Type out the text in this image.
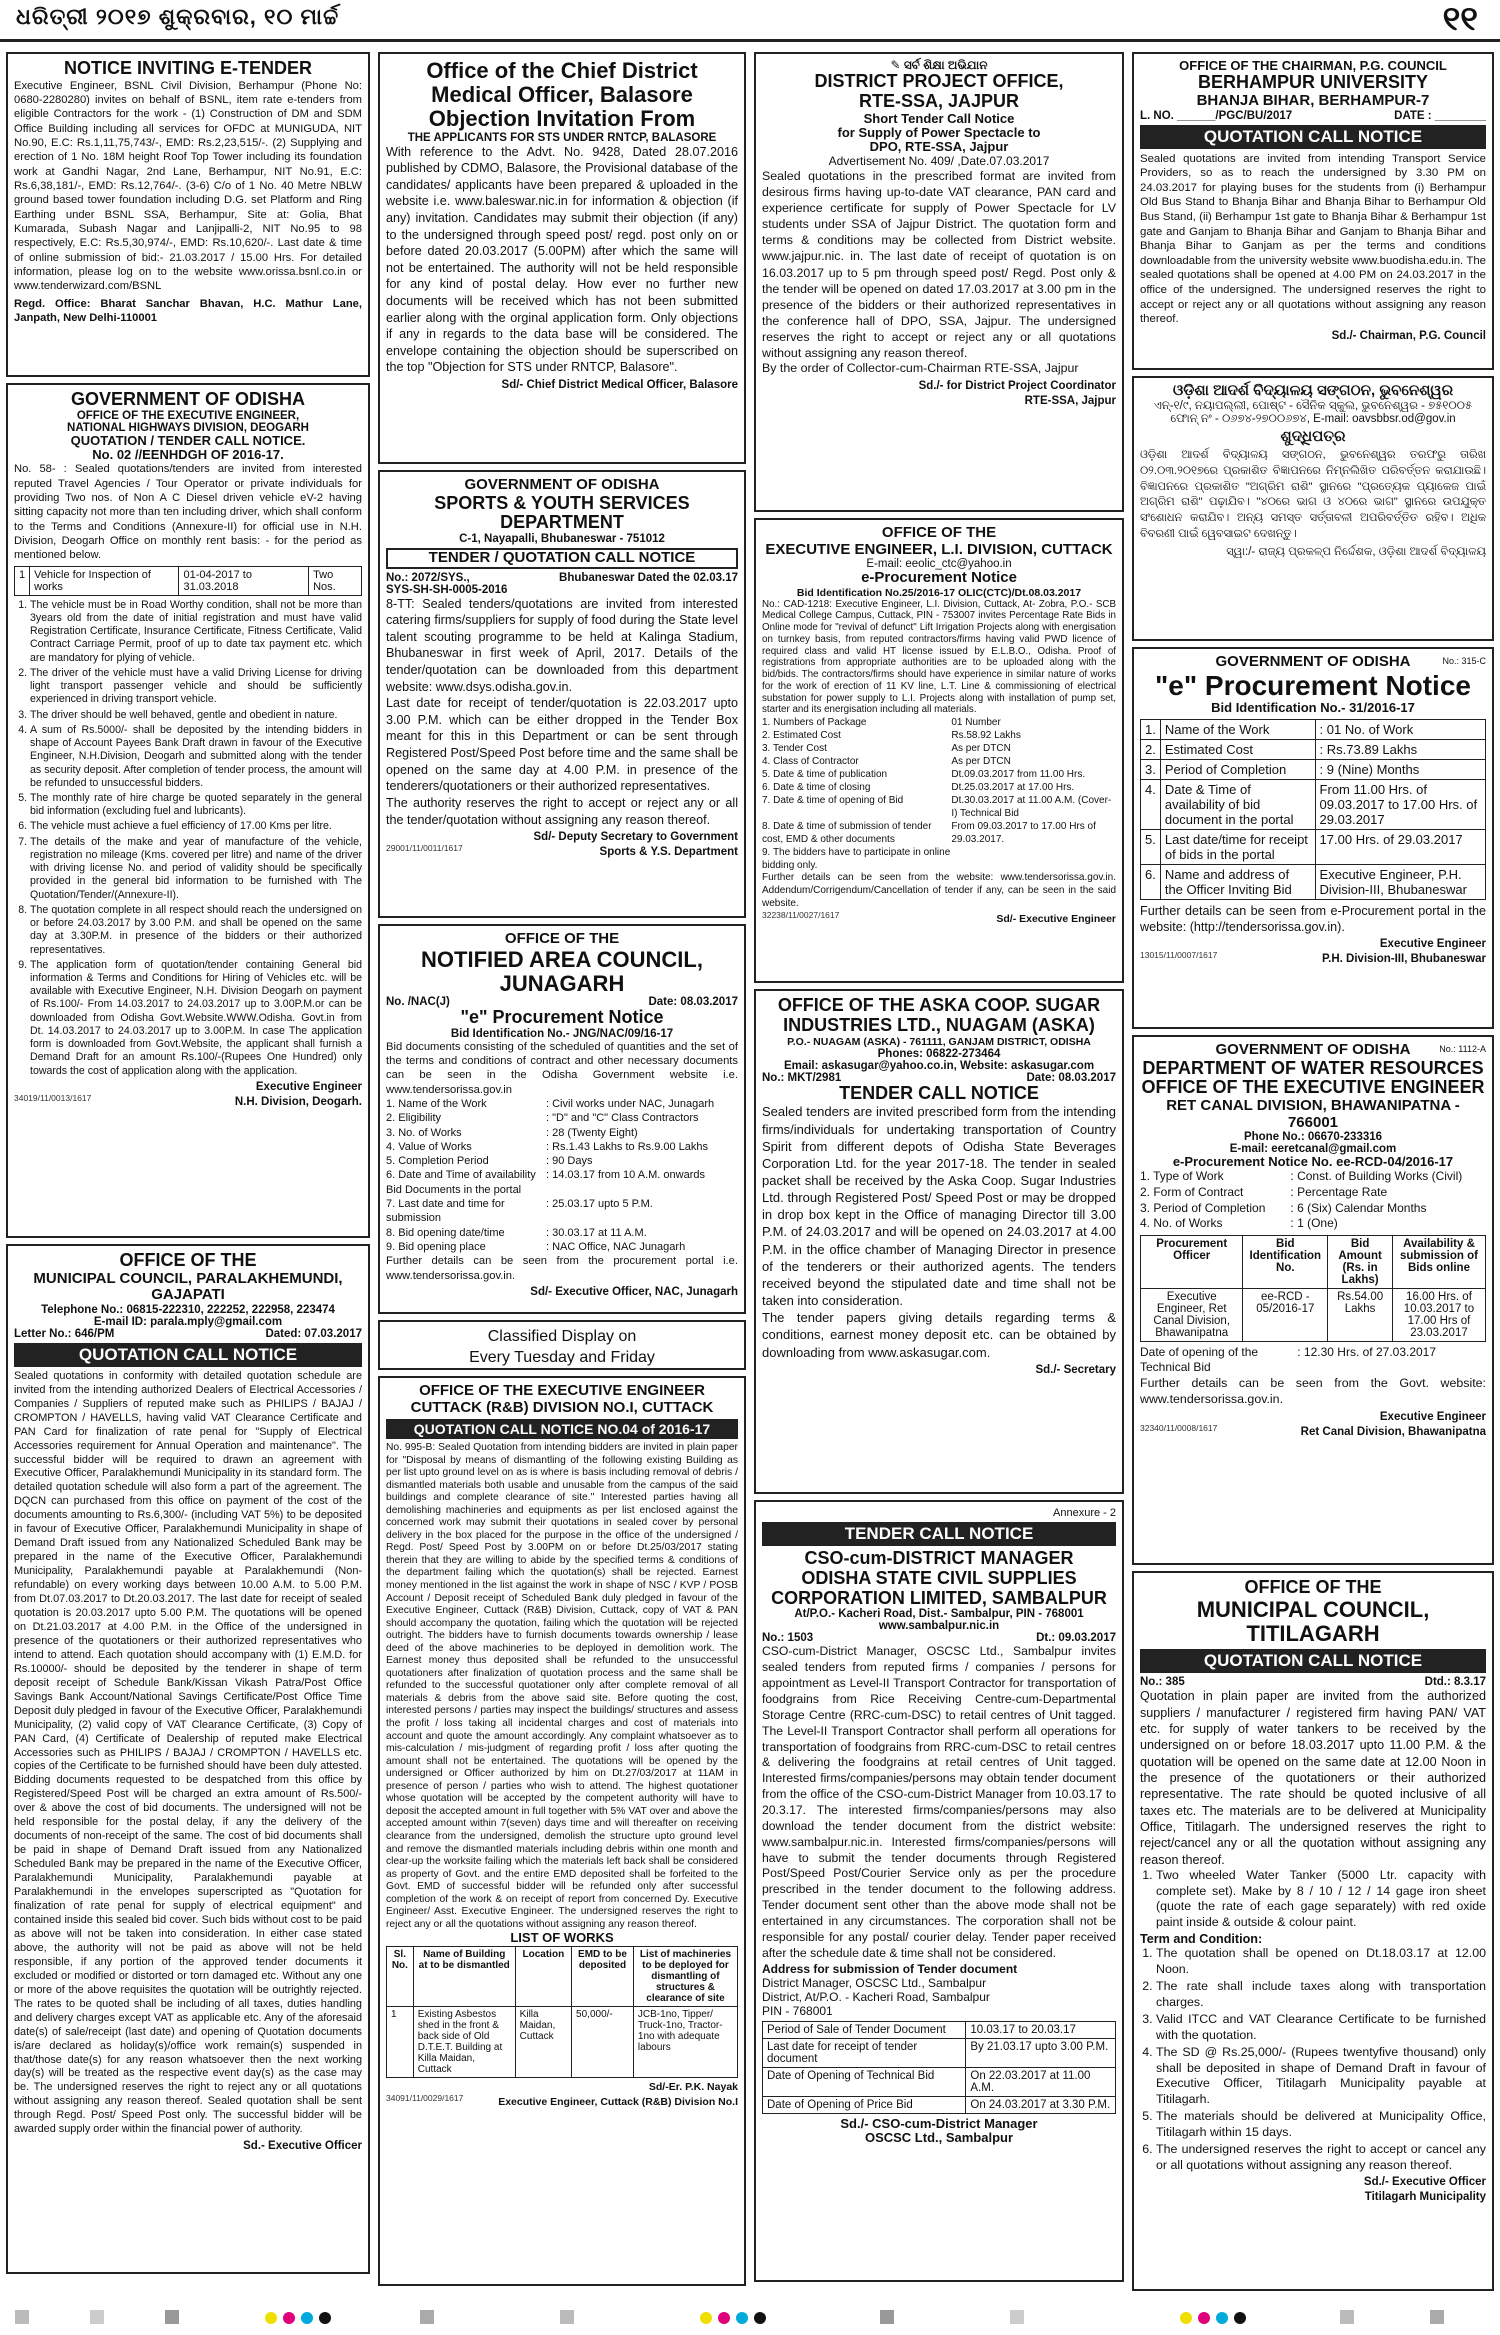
ଧରିତ୍ରୀ ୨୦୧୭ ଶୁକ୍ରବାର, ୧୦ ମାର୍ଚ୍ଚ	୧୧
NOTICE INVITING E-TENDER

Executive Engineer, BSNL Civil Division, Berhampur (Phone No: 0680-2280280) invites on behalf of BSNL, item rate e-tenders from eligible Contractors for the work - (1) Construction of DM and SDM Office Building including all services for OFDC at MUNIGUDA, NIT No.90, E.C: Rs.1,11,75,743/-, EMD: Rs.2,23,515/-. (2) Supplying and erection of 1 No. 18M height Roof Top Tower including its foundation work at Gandhi Nagar, 2nd Lane, Berhampur, NIT No.91, E.C: Rs.6,38,181/-, EMD: Rs.12,764/-. (3-6) C/o of 1 No. 40 Metre NBLW ground based tower foundation including D.G. set Platform and Ring Earthing under BSNL SSA, Berhampur, Site at: Golia, Bhat Kumarada, Subash Nagar and Lanjipalli-2, NIT No.95 to 98 respectively, E.C: Rs.5,30,974/-, EMD: Rs.10,620/-. Last date & time of online submission of bid:- 21.03.2017 / 15.00 Hrs. For detailed information, please log on to the website www.orissa.bsnl.co.in or www.tenderwizard.com/BSNL

Regd. Office: Bharat Sanchar Bhavan, H.C. Mathur Lane, Janpath, New Delhi-110001

GOVERNMENT OF ODISHA
OFFICE OF THE EXECUTIVE ENGINEER,
NATIONAL HIGHWAYS DIVISION, DEOGARH
QUOTATION / TENDER CALL NOTICE.
No. 02 //EENHDGH OF 2016-17.

No. 58- : Sealed quotations/tenders are invited from interested reputed Travel Agencies / Tour Operator or private individuals for providing Two nos. of Non A C Diesel driven vehicle eV-2 having sitting capacity not more than ten including driver, which shall conform to the Terms and Conditions (Annexure-II) for official use in N.H. Division, Deogarh Office on monthly rent basis: - for the period as mentioned below.

1	Vehicle for Inspection of works	01-04-2017 to 31.03.2018	Two Nos.
1. The vehicle must be in Road Worthy condition, shall not be more than 3years old from the date of initial registration and must have valid Registration Certificate, Insurance Certificate, Fitness Certificate, Valid Contract Carriage Permit, proof of up to date tax payment etc. which are mandatory for plying of vehicle.
2. The driver of the vehicle must have a valid Driving License for driving light transport passenger vehicle and should be sufficiently experienced in driving transport vehicle.
3. The driver should be well behaved, gentle and obedient in nature.
4. A sum of Rs.5000/- shall be deposited by the intending bidders in shape of Account Payees Bank Draft drawn in favour of the Executive Engineer, N.H.Division, Deogarh and submitted along with the tender as security deposit. After completion of tender process, the amount will be refunded to unsuccessful bidders.
5. The monthly rate of hire charge be quoted separately in the general bid information (excluding fuel and lubricants).
6. The vehicle must achieve a fuel efficiency of 17.00 Kms per litre.
7. The details of the make and year of manufacture of the vehicle, registration no mileage (Kms. covered per litre) and name of the driver with driving license No. and period of validity should be specifically provided in the general bid information to be furnished with The Quotation/Tender/(Annexure-II).
8. The quotation complete in all respect should reach the undersigned on or before 24.03.2017 by 3.00 P.M. and shall be opened on the same day at 3.30P.M. in presence of the bidders or their authorized representatives.
9. The application form of quotation/tender containing General bid information & Terms and Conditions for Hiring of Vehicles etc. will be available with Executive Engineer, N.H. Division Deogarh on payment of Rs.100/- From 14.03.2017 to 24.03.2017 up to 3.00P.M.or can be downloaded from Odisha Govt.Website.WWW.Odisha. Govt.in from Dt. 14.03.2017 to 24.03.2017 up to 3.00P.M. In case The application form is downloaded from Govt.Website, the applicant shall furnish a Demand Draft for an amount Rs.100/-(Rupees One Hundred) only towards the cost of application along with the application.
Executive Engineer
34019/11/0013/1617	N.H. Division, Deogarh.
OFFICE OF THE
MUNICIPAL COUNCIL, PARALAKHEMUNDI, GAJAPATI
Telephone No.: 06815-222310, 222252, 222958, 223474
E-mail ID: parala.mply@gmail.com
Letter No.: 646/PM	Dated: 07.03.2017
QUOTATION CALL NOTICE

Sealed quotations in conformity with detailed quotation schedule are invited from the intending authorized Dealers of Electrical Accessories / Companies / Suppliers of reputed make such as PHILIPS / BAJAJ / CROMPTON / HAVELLS, having valid VAT Clearance Certificate and PAN Card for finalization of rate penal for "Supply of Electrical Accessories requirement for Annual Operation and maintenance". The successful bidder will be required to drawn an agreement with Executive Officer, Paralakhemundi Municipality in its standard form. The detailed quotation schedule will also form a part of the agreement. The DQCN can purchased from this office on payment of the cost of the documents amounting to Rs.6,300/- (including VAT 5%) to be deposited in favour of Executive Officer, Paralakhemundi Municipality in shape of Demand Draft issued from any Nationalized Scheduled Bank may be prepared in the name of the Executive Officer, Paralakhemundi Municipality, Paralakhemundi payable at Paralakhemundi (Non-refundable) on every working days between 10.00 A.M. to 5.00 P.M. from Dt.07.03.2017 to Dt.20.03.2017. The last date for receipt of sealed quotation is 20.03.2017 upto 5.00 P.M. The quotations will be opened on Dt.21.03.2017 at 4.00 P.M. in the Office of the undersigned in presence of the quotationers or their authorized representatives who intend to attend. Each quotation should accompany with (1) E.M.D. for Rs.10000/- should be deposited by the tenderer in shape of term deposit receipt of Schedule Bank/Kissan Vikash Patra/Post Office Savings Bank Account/National Savings Certificate/Post Office Time Deposit duly pledged in favour of the Executive Officer, Paralakhemundi Municipality, (2) valid copy of VAT Clearance Certificate, (3) Copy of PAN Card, (4) Certificate of Dealership of reputed make Electrical Accessories such as PHILIPS / BAJAJ / CROMPTON / HAVELLS etc. copies of the Certificate to be furnished should have been duly attested. Bidding documents requested to be despatched from this office by Registered/Speed Post will be charged an extra amount of Rs.500/- over & above the cost of bid documents. The undersigned will not be held responsible for the postal delay, if any the delivery of the documents of non-receipt of the same. The cost of bid documents shall be paid in shape of Demand Draft issued from any Nationalized Scheduled Bank may be prepared in the name of the Executive Officer, Paralakhemundi Municipality, Paralakhemundi payable at Paralakhemundi in the envelopes superscripted as "Quotation for finalization of rate penal for supply of electrical equipment" and contained inside this sealed bid cover. Such bids without cost to be paid as above will not be taken into consideration. In either case stated above, the authority will not be paid as above will not be held responsible, if any portion of the approved tender documents it excluded or modified or distorted or torn damaged etc. Without any one or more of the above requisites the quotation will be outrightly rejected. The rates to be quoted shall be including of all taxes, duties handling and delivery charges except VAT as applicable etc. Any of the aforesaid date(s) of sale/receipt (last date) and opening of Quotation documents is/are declared as holiday(s)/office work remain(s) suspended in that/those date(s) for any reason whatsoever then the next working day(s) will be treated as the respective event day(s) as the case may be. The undersigned reserves the right to reject any or all quotations without assigning any reason thereof. Sealed quotation shall be sent through Regd. Post/ Speed Post only. The successful bidder will be awarded supply order within the financial power of authority.

Sd.- Executive Officer
Office of the Chief District
Medical Officer, Balasore
Objection Invitation From
THE APPLICANTS FOR STS UNDER RNTCP, BALASORE

With reference to the Advt. No. 9428, Dated 28.07.2016 published by CDMO, Balasore, the Provisional database of the candidates/ applicants have been prepared & uploaded in the website i.e. www.baleswar.nic.in for information & objection (if any) invitation. Candidates may submit their objection (if any) to the undersigned through speed post/ regd. post only on or before dated 20.03.2017 (5.00PM) after which the same will not be entertained. The authority will not be held responsible for any kind of postal delay. How ever no further new documents will be received which has not been submitted earlier along with the orginal application form. Only objections if any in regards to the data base will be considered. The envelope containing the objection should be superscribed on the top "Objection for STS under RNTCP, Balasore".

Sd/- Chief District Medical Officer, Balasore
GOVERNMENT OF ODISHA
SPORTS & YOUTH SERVICES DEPARTMENT
C-1, Nayapalli, Bhubaneswar - 751012
TENDER / QUOTATION CALL NOTICE
No.: 2072/SYS.,	Bhubaneswar Dated the 02.03.17
SYS-SH-SH-0005-2016

8-TT: Sealed tenders/quotations are invited from interested catering firms/suppliers for supply of food during the State level talent scouting programme to be held at Kalinga Stadium, Bhubaneswar in first week of April, 2017. Details of the tender/quotation can be downloaded from this department website: www.dsys.odisha.gov.in.

Last date for receipt of tender/quotation is 22.03.2017 upto 3.00 P.M. which can be either dropped in the Tender Box meant for this in this Department or can be sent through Registered Post/Speed Post before time and the same shall be opened on the same day at 4.00 P.M. in presence of the tenderers/quotationers or their authorized representatives.

The authority reserves the right to accept or reject any or all the tender/quotation without assigning any reason thereof.

Sd/- Deputy Secretary to Government
29001/11/0011/1617	Sports & Y.S. Department
OFFICE OF THE
NOTIFIED AREA COUNCIL, JUNAGARH
No. /NAC(J)	Date: 08.03.2017
"e" Procurement Notice
Bid Identification No.- JNG/NAC/09/16-17

Bid documents consisting of the scheduled of quantities and the set of the terms and conditions of contract and other necessary documents can be seen in the Odisha Government website i.e. www.tendersorissa.gov.in

1. Name of the Work	: Civil works under NAC, Junagarh
2. Eligibility	: "D" and "C" Class Contractors
3. No. of Works	: 28 (Twenty Eight)
4. Value of Works	: Rs.1.43 Lakhs to Rs.9.00 Lakhs
5. Completion Period	: 90 Days
6. Date and Time of availability Bid Documents in the portal
: 14.03.17 from 10 A.M. onwards
7. Last date and time for submission
: 25.03.17 upto 5 P.M.
8. Bid opening date/time	: 30.03.17 at 11 A.M.
9. Bid opening place	: NAC Office, NAC Junagarh

Further details can be seen from the procurement portal i.e. www.tendersorissa.gov.in.

Sd/- Executive Officer, NAC, Junagarh
Classified Display on
Every Tuesday and Friday
OFFICE OF THE EXECUTIVE ENGINEER
CUTTACK (R&B) DIVISION NO.I, CUTTACK
QUOTATION CALL NOTICE NO.04 of 2016-17

No. 995-B: Sealed Quotation from intending bidders are invited in plain paper for "Disposal by means of dismantling of the following existing Building as per list upto ground level on as is where is basis including removal of debris / dismantled materials both usable and unusable from the campus of the said buildings and complete clearance of site." Interested parties having all demolishing machineries and equipments as per list enclosed against the concerned work may submit their quotations in sealed cover by personal delivery in the box placed for the purpose in the office of the undersigned / Regd. Post/ Speed Post by 3.00PM on or before Dt.25/03/2017 stating therein that they are willing to abide by the specified terms & conditions of the department failing which the quotation(s) shall be rejected. Earnest money mentioned in the list against the work in shape of NSC / KVP / POSB Account / Deposit receipt of Scheduled Bank duly pledged in favour of the Executive Engineer, Cuttack (R&B) Division, Cuttack, copy of VAT & PAN should accompany the quotation, failing which the quotation will be rejected outright. The bidders have to furnish documents towards ownership / lease deed of the above machineries to be deployed in demolition work. The Earnest money thus deposited shall be refunded to the unsuccessful quotationers after finalization of quotation process and the same shall be refunded to the successful quotationer only after complete removal of all materials & debris from the above said site. Before quoting the cost, interested persons / parties may inspect the buildings/ structures and assess the profit / loss taking all incidental charges and cost of materials into account and quote the amount accordingly. Any complaint whatsoever as to mis-calculation / mis-judgment of regarding profit / loss after quoting the amount shall not be entertained. The quotations will be opened by the undersigned or Officer authorized by him on Dt.27/03/2017 at 11AM in presence of person / parties who wish to attend. The highest quotationer whose quotation will be accepted by the competent authority will have to deposit the accepted amount in full together with 5% VAT over and above the accepted amount within 7(seven) days time and will thereafter on receiving clearance from the undersigned, demolish the structure upto ground level and remove the dismantled materials including debris within one month and clear-up the worksite failing which the materials left back shall be considered as property of Govt. and the entire EMD deposited shall be forfeited to the Govt. EMD of successful bidder will be refunded only after successful completion of the work & on receipt of report from concerned Dy. Executive Engineer/ Asst. Executive Engineer. The undersigned reserves the right to reject any or all the quotations without assigning any reason thereof.

LIST OF WORKS
Sl. No.	Name of Building at to be dismantled	Location	EMD to be deposited	List of machineries to be deployed for dismantling of structures & clearance of site
1	Existing Asbestos shed in the front & back side of Old D.T.E.T. Building at Killa Maidan, Cuttack	Killa Maidan, Cuttack	50,000/-	JCB-1no, Tipper/ Truck-1no, Tractor-1no with adequate labours
Sd/-Er. P.K. Nayak
34091/11/0029/1617	Executive Engineer, Cuttack (R&B) Division No.I
✎ ସର୍ବ ଶିକ୍ଷା ଅଭିଯାନ
DISTRICT PROJECT OFFICE,
RTE-SSA, JAJPUR
Short Tender Call Notice
for Supply of Power Spectacle to
DPO, RTE-SSA, Jajpur
Advertisement No. 409/ ,Date.07.03.2017

Sealed quotations in the prescribed format are invited from desirous firms having up-to-date VAT clearance, PAN card and experience certificate for supply of Power Spectacle for LV students under SSA of Jajpur District. The quotation form and terms & conditions may be collected from District website. www.jajpur.nic. in. The last date of receipt of quotation is on 16.03.2017 up to 5 pm through speed post/ Regd. Post only & the tender will be opened on dated 17.03.2017 at 3.00 pm in the presence of the bidders or their authorized representatives in the conference hall of DPO, SSA, Jajpur. The undersigned reserves the right to accept or reject any or all quotations without assigning any reason thereof.

By the order of Collector-cum-Chairman RTE-SSA, Jajpur

Sd./- for District Project Coordinator
RTE-SSA, Jajpur
OFFICE OF THE
EXECUTIVE ENGINEER, L.I. DIVISION, CUTTACK
E-mail: eeolic_ctc@yahoo.in
e-Procurement Notice
Bid Identification No.25/2016-17 OLIC(CTC)/Dt.08.03.2017

No.: CAD-1218: Executive Engineer, L.I. Division, Cuttack, At- Zobra, P.O.- SCB Medical College Campus, Cuttack, PIN - 753007 invites Percentage Rate Bids in Online mode for "revival of defunct" Lift Irrigation Projects along with energisation on turnkey basis, from reputed contractors/firms having valid PWD licence of required class and valid HT license issued by E.L.B.O., Odisha. Proof of registrations from appropriate authorities are to be uploaded along with the bid/bids. The contractors/firms should have experience in similar nature of works for the work of erection of 11 KV line, L.T. Line & commissioning of electrical substation for power supply to L.I. Projects along with installation of pump set, starter and its energisation including all materials.

1. Numbers of Package	01 Number
2. Estimated Cost	Rs.58.92 Lakhs
3. Tender Cost	As per DTCN
4. Class of Contractor	As per DTCN
5. Date & time of publication	Dt.09.03.2017 from 11.00 Hrs.
6. Date & time of closing	Dt.25.03.2017 at 17.00 Hrs.
7. Date & time of opening of Bid	Dt.30.03.2017 at 11.00 A.M. (Cover-I) Technical Bid
8. Date & time of submission of tender cost, EMD & other documents
From 09.03.2017 to 17.00 Hrs of 29.03.2017.
9. The bidders have to participate in online bidding only.

Further details can be seen from the website: www.tendersorissa.gov.in. Addendum/Corrigendum/Cancellation of tender if any, can be seen in the said website.

32238/11/0027/1617	Sd/- Executive Engineer
OFFICE OF THE ASKA COOP. SUGAR
INDUSTRIES LTD., NUAGAM (ASKA)
P.O.- NUAGAM (ASKA) - 761111, GANJAM DISTRICT, ODISHA
Phones: 06822-273464
Email: askasugar@yahoo.co.in, Website: askasugar.com
No.: MKT/2981	Date: 08.03.2017
TENDER CALL NOTICE

Sealed tenders are invited prescribed form from the intending firms/individuals for undertaking transportation of Country Spirit from different depots of Odisha State Beverages Corporation Ltd. for the year 2017-18. The tender in sealed packet shall be received by the Aska Coop. Sugar Industries Ltd. through Registered Post/ Speed Post or may be dropped in drop box kept in the Office of managing Director till 3.00 P.M. of 24.03.2017 and will be opened on 24.03.2017 at 4.00 P.M. in the office chamber of Managing Director in presence of the tenderers or their authorized agents. The tenders received beyond the stipulated date and time shall not be taken into consideration.

The tender papers giving details regarding terms & conditions, earnest money deposit etc. can be obtained by downloading from www.askasugar.com.

Sd./- Secretary
Annexure - 2
TENDER CALL NOTICE
CSO-cum-DISTRICT MANAGER
ODISHA STATE CIVIL SUPPLIES
CORPORATION LIMITED, SAMBALPUR
At/P.O.- Kacheri Road, Dist.- Sambalpur, PIN - 768001
www.sambalpur.nic.in
No.: 1503	Dt.: 09.03.2017

CSO-cum-District Manager, OSCSC Ltd., Sambalpur invites sealed tenders from reputed firms / companies / persons for appointment as Level-II Transport Contractor for transportation of foodgrains from Rice Receiving Centre-cum-Departmental Storage Centre (RRC-cum-DSC) to retail centres of Unit tagged. The Level-II Transport Contractor shall perform all operations for transportation of foodgrains from RRC-cum-DSC to retail centres & delivering the foodgrains at retail centres of Unit tagged. Interested firms/companies/persons may obtain tender document from the office of the CSO-cum-District Manager from 10.03.17 to 20.3.17. The interested firms/companies/persons may also download the tender document from the district website: www.sambalpur.nic.in. Interested firms/companies/persons will have to submit the tender documents through Registered Post/Speed Post/Courier Service only as per the procedure prescribed in the tender document to the following address. Tender document sent other than the above mode shall not be entertained in any circumstances. The corporation shall not be responsible for any postal/ courier delay. Tender paper received after the schedule date & time shall not be considered.

Address for submission of Tender document
District Manager, OSCSC Ltd., Sambalpur
District, At/P.O. - Kacheri Road, Sambalpur
PIN - 768001
Period of Sale of Tender Document	10.03.17 to 20.03.17
Last date for receipt of tender document	By 21.03.17 upto 3.00 P.M.
Date of Opening of Technical Bid	On 22.03.2017 at 11.00 A.M.
Date of Opening of Price Bid	On 24.03.2017 at 3.30 P.M.
Sd./- CSO-cum-District Manager
OSCSC Ltd., Sambalpur
OFFICE OF THE CHAIRMAN, P.G. COUNCIL
BERHAMPUR UNIVERSITY
BHANJA BIHAR, BERHAMPUR-7
L. NO. ______/PGC/BU/2017	DATE : ________
QUOTATION CALL NOTICE

Sealed quotations are invited from intending Transport Service Providers, so as to reach the undersigned by 3.30 PM on 24.03.2017 for playing buses for the students from (i) Berhampur Old Bus Stand to Bhanja Bihar and Bhanja Bihar to Berhampur Old Bus Stand, (ii) Berhampur 1st gate to Bhanja Bihar & Berhampur 1st gate and Ganjam to Bhanja Bihar and Ganjam to Bhanja Bihar and Bhanja Bihar to Ganjam as per the terms and conditions downloadable from the university website www.buodisha.edu.in. The sealed quotations shall be opened at 4.00 PM on 24.03.2017 in the office of the undersigned. The undersigned reserves the right to accept or reject any or all quotations without assigning any reason thereof.

Sd./- Chairman, P.G. Council
ଓଡ଼ିଶା ଆଦର୍ଶ ବିଦ୍ୟାଳୟ ସଙ୍ଗଠନ, ଭୁବନେଶ୍ୱର
ଏନ୍-୧/୯, ନୟାପଲ୍ଲୀ, ପୋଷ୍ଟ - ସୈନିକ ସ୍କୁଲ, ଭୁବନେଶ୍ୱର - ୭୫୧୦୦୫
ଫୋନ୍ ନଂ - ୦୬୭୪-୨୭୦୦୬୭୪, E-mail: oavsbbsr.od@gov.in
ଶୁଦ୍ଧିପତ୍ର

ଓଡ଼ିଶା ଆଦର୍ଶ ବିଦ୍ୟାଳୟ ସଙ୍ଗଠନ, ଭୁବନେଶ୍ୱର ତରଫରୁ ତାରିଖ ୦୨.୦୩.୨୦୧୭ରେ ପ୍ରକାଶିତ ବିଜ୍ଞାପନରେ ନିମ୍ନଲିଖିତ ପରିବର୍ତ୍ତନ କରାଯାଉଛି। ବିଜ୍ଞାପନରେ ପ୍ରକାଶିତ "ଅଗ୍ରିମ ରାଶି" ସ୍ଥାନରେ "ପ୍ରତ୍ୟେକ ପ୍ୟାକେଜ ପାଇଁ ଅଗ୍ରିମ ରାଶି" ପଢ଼ାଯିବ। "୪୦ରେ ଭାଗ ଓ ୪୦ରେ ଭାଗ" ସ୍ଥାନରେ ଉପଯୁକ୍ତ ସଂଶୋଧନ କରାଯିବ। ଅନ୍ୟ ସମସ୍ତ ସର୍ତ୍ତାବଳୀ ଅପରିବର୍ତ୍ତିତ ରହିବ। ଅଧିକ ବିବରଣୀ ପାଇଁ ୱେବସାଇଟ ଦେଖନ୍ତୁ।

ସ୍ୱା:/- ରାଜ୍ୟ ପ୍ରକଳ୍ପ ନିର୍ଦ୍ଦେଶକ, ଓଡ଼ିଶା ଆଦର୍ଶ ବିଦ୍ୟାଳୟ
GOVERNMENT OF ODISHA	No.: 315-C
"e" Procurement Notice
Bid Identification No.- 31/2016-17
1.	Name of the Work	: 01 No. of Work
2.	Estimated Cost	: Rs.73.89 Lakhs
3.	Period of Completion	: 9 (Nine) Months
4.	Date & Time of availability of bid document in the portal	From 11.00 Hrs. of 09.03.2017 to 17.00 Hrs. of 29.03.2017
5.	Last date/time for receipt of bids in the portal	17.00 Hrs. of 29.03.2017
6.	Name and address of the Officer Inviting Bid	Executive Engineer, P.H. Division-III, Bhubaneswar

Further details can be seen from e-Procurement portal in the website: (http://tendersorissa.gov.in).

Executive Engineer
13015/11/0007/1617	P.H. Division-III, Bhubaneswar
GOVERNMENT OF ODISHA	No.: 1112-A
DEPARTMENT OF WATER RESOURCES
OFFICE OF THE EXECUTIVE ENGINEER
RET CANAL DIVISION, BHAWANIPATNA - 766001
Phone No.: 06670-233316
E-mail: eeretcanal@gmail.com
e-Procurement Notice No. ee-RCD-04/2016-17
1. Type of Work	: Const. of Building Works (Civil)
2. Form of Contract	: Percentage Rate
3. Period of Completion	: 6 (Six) Calendar Months
4. No. of Works	: 1 (One)
Procurement Officer	Bid Identification No.	Bid Amount (Rs. in Lakhs)	Availability & submission of Bids online
Executive Engineer, Ret Canal Division, Bhawanipatna	ee-RCD - 05/2016-17	Rs.54.00 Lakhs	16.00 Hrs. of 10.03.2017 to 17.00 Hrs of 23.03.2017
Date of opening of the Technical Bid
: 12.30 Hrs. of 27.03.2017

Further details can be seen from the Govt. website: www.tendersorissa.gov.in.

Executive Engineer
32340/11/0008/1617	Ret Canal Division, Bhawanipatna
OFFICE OF THE
MUNICIPAL COUNCIL, TITILAGARH
QUOTATION CALL NOTICE
No.: 385	Dtd.: 8.3.17

Quotation in plain paper are invited from the authorized suppliers / manufacturer / registered firm having PAN/ VAT etc. for supply of water tankers to be received by the undersigned on or before 18.03.2017 upto 11.00 P.M. & the quotation will be opened on the same date at 12.00 Noon in the presence of the quotationers or their authorized representative. The rate should be quoted inclusive of all taxes etc. The materials are to be delivered at Municipality Office, Titilagarh. The undersigned reserves the right to reject/cancel any or all the quotation without assigning any reason thereof.

1. Two wheeled Water Tanker (5000 Ltr. capacity with complete set). Make by 8 / 10 / 12 / 14 gage iron sheet (quote the rate of each gage separately) with red oxide paint inside & outside & colour paint.
Term and Condition:
1. The quotation shall be opened on Dt.18.03.17 at 12.00 Noon.
2. The rate shall include taxes along with transportation charges.
3. Valid ITCC and VAT Clearance Certificate to be furnished with the quotation.
4. The SD @ Rs.25,000/- (Rupees twentyfive thousand) only shall be deposited in shape of Demand Draft in favour of Executive Officer, Titilagarh Municipality payable at Titilagarh.
5. The materials should be delivered at Municipality Office, Titilagarh within 15 days.
6. The undersigned reserves the right to accept or cancel any or all quotations without assigning any reason thereof.
Sd./- Executive Officer
Titilagarh Municipality
